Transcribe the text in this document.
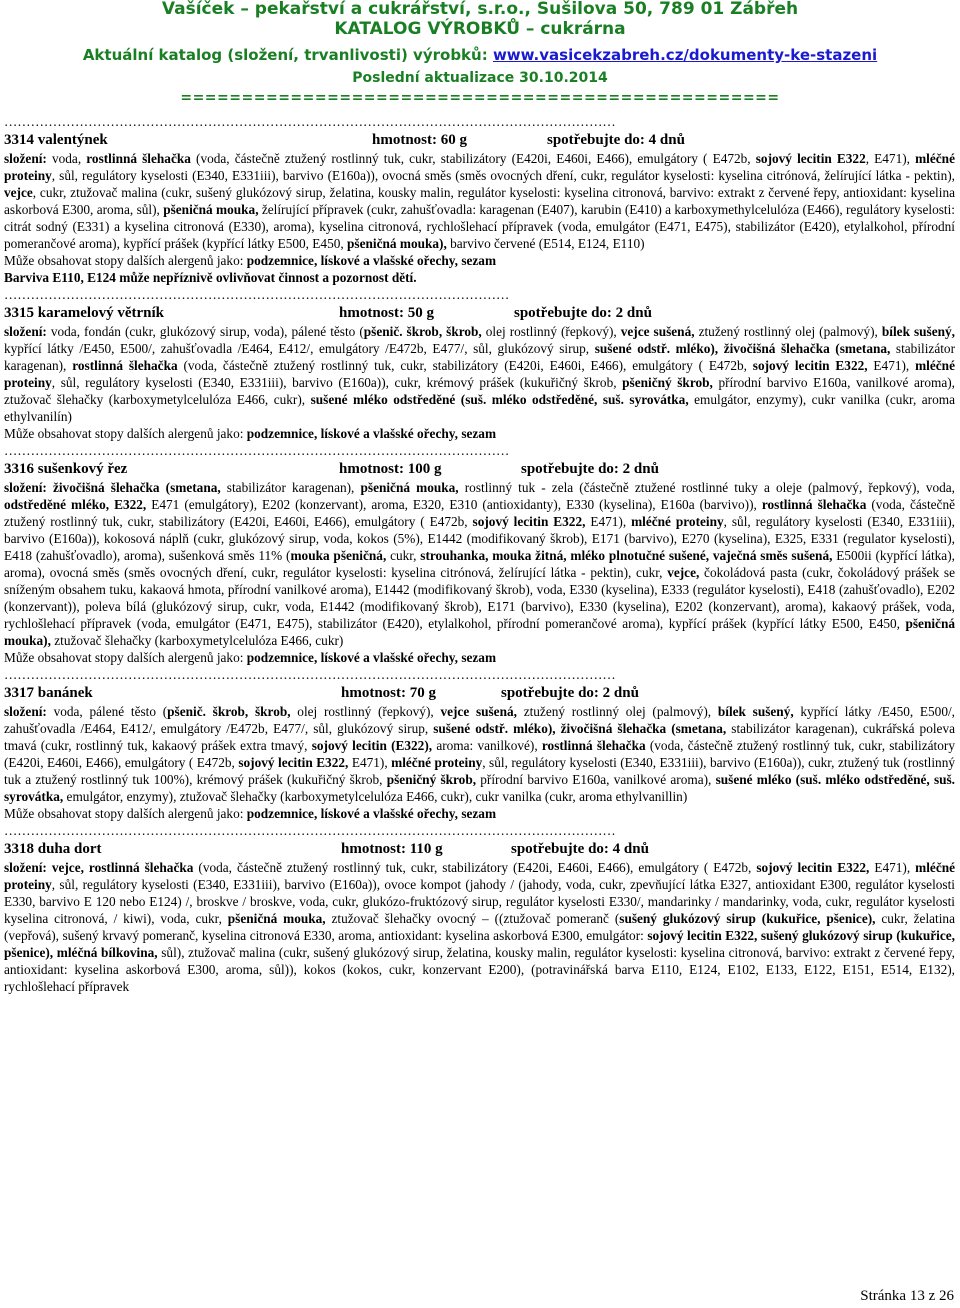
Vašíček – pekařství a cukrářství, s.r.o., Sušilova 50, 789 01 Zábřeh
KATALOG VÝROBKŮ – cukrárna
Aktuální katalog (složení, trvanlivosti) výrobků: www.vasicekzabreh.cz/dokumenty-ke-stazeni
Poslední aktualizace 30.10.2014
=================================================
…………………………………………………………………………………………………………………………
3314 valentýnek	hmotnost: 60 g	spotřebujte do: 4 dnů

složení: voda, rostlinná šlehačka (voda, částečně ztužený rostlinný tuk, cukr, stabilizátory (E420i, E460i, E466), emulgátory ( E472b, sojový lecitin E322, E471), mléčné proteiny, sůl, regulátory kyselosti (E340, E331iii), barvivo (E160a)), ovocná směs (směs ovocných dření, cukr, regulátor kyselosti: kyselina citrónová, želírující látka - pektin), vejce, cukr, ztužovač malina (cukr, sušený glukózový sirup, želatina, kousky malin, regulátor kyselosti: kyselina citronová, barvivo: extrakt z červené řepy, antioxidant: kyselina askorbová E300, aroma, sůl), pšeničná mouka, želírující přípravek (cukr, zahušťovadla: karagenan (E407), karubin (E410) a karboxymethylcelulóza (E466), regulátory kyselosti: citrát sodný (E331) a kyselina citronová (E330), aroma), kyselina citronová, rychlošlehací přípravek (voda, emulgátor (E471, E475), stabilizátor (E420), etylalkohol, přírodní pomerančové aroma), kypřící prášek (kypřící látky E500, E450, pšeničná mouka), barvivo červené (E514, E124, E110)

Může obsahovat stopy dalších alergenů jako: podzemnice, lískové a vlašské ořechy, sezam

Barviva E110, E124 může nepříznivě ovlivňovat činnost a pozornost dětí.

……………………………………………………………………………………………………
3315 karamelový větrník	hmotnost: 50 g	spotřebujte do: 2 dnů

složení: voda, fondán (cukr, glukózový sirup, voda), pálené těsto (pšenič. škrob, škrob, olej rostlinný (řepkový), vejce sušená, ztužený rostlinný olej (palmový), bílek sušený, kypřící látky /E450, E500/, zahušťovadla /E464, E412/, emulgátory /E472b, E477/, sůl, glukózový sirup, sušené odstř. mléko), živočišná šlehačka (smetana, stabilizátor karagenan), rostlinná šlehačka (voda, částečně ztužený rostlinný tuk, cukr, stabilizátory (E420i, E460i, E466), emulgátory ( E472b, sojový lecitin E322, E471), mléčné proteiny, sůl, regulátory kyselosti (E340, E331iii), barvivo (E160a)), cukr, krémový prášek (kukuřičný škrob, pšeničný škrob, přírodní barvivo E160a, vanilkové aroma), ztužovač šlehačky (karboxymetylcelulóza E466, cukr), sušené mléko odstředěné (suš. mléko odstředěné, suš. syrovátka, emulgátor, enzymy), cukr vanilka (cukr, aroma ethylvanilín)

Může obsahovat stopy dalších alergenů jako: podzemnice, lískové a vlašské ořechy, sezam

……………………………………………………………………………………………………
3316 sušenkový řez	hmotnost: 100 g	spotřebujte do: 2 dnů

složení: živočišná šlehačka (smetana, stabilizátor karagenan), pšeničná mouka, rostlinný tuk - zela (částečně ztužené rostlinné tuky a oleje (palmový, řepkový), voda, odstředěné mléko, E322, E471 (emulgátory), E202 (konzervant), aroma, E320, E310 (antioxidanty), E330 (kyselina), E160a (barvivo)), rostlinná šlehačka (voda, částečně ztužený rostlinný tuk, cukr, stabilizátory (E420i, E460i, E466), emulgátory ( E472b, sojový lecitin E322, E471), mléčné proteiny, sůl, regulátory kyselosti (E340, E331iii), barvivo (E160a)), kokosová náplň (cukr, glukózový sirup, voda, kokos (5%), E1442 (modifikovaný škrob), E171 (barvivo), E270 (kyselina), E325, E331 (regulator kyselosti), E418 (zahušťovadlo), aroma), sušenková směs 11% (mouka pšeničná, cukr, strouhanka, mouka žitná, mléko plnotučné sušené, vaječná směs sušená, E500ii (kypřící látka), aroma), ovocná směs (směs ovocných dření, cukr, regulátor kyselosti: kyselina citrónová, želírující látka - pektin), cukr, vejce, čokoládová pasta (cukr, čokoládový prášek se sníženým obsahem tuku, kakaová hmota, přírodní vanilkové aroma), E1442 (modifikovaný škrob), voda, E330 (kyselina), E333 (regulátor kyselosti), E418 (zahušťovadlo), E202 (konzervant)), poleva bílá (glukózový sirup, cukr, voda, E1442 (modifikovaný škrob), E171 (barvivo), E330 (kyselina), E202 (konzervant), aroma), kakaový prášek, voda, rychlošlehací přípravek (voda, emulgátor (E471, E475), stabilizátor (E420), etylalkohol, přírodní pomerančové aroma), kypřící prášek (kypřící látky E500, E450, pšeničná mouka), ztužovač šlehačky (karboxymetylcelulóza E466, cukr)

Může obsahovat stopy dalších alergenů jako: podzemnice, lískové a vlašské ořechy, sezam

…………………………………………………………………………………………………………………………
3317 banánek	hmotnost: 70 g	spotřebujte do: 2 dnů

složení: voda, pálené těsto (pšenič. škrob, škrob, olej rostlinný (řepkový), vejce sušená, ztužený rostlinný olej (palmový), bílek sušený, kypřící látky /E450, E500/, zahušťovadla /E464, E412/, emulgátory /E472b, E477/, sůl, glukózový sirup, sušené odstř. mléko), živočišná šlehačka (smetana, stabilizátor karagenan), cukrářská poleva tmavá (cukr, rostlinný tuk, kakaový prášek extra tmavý, sojový lecitin (E322), aroma: vanilkové), rostlinná šlehačka (voda, částečně ztužený rostlinný tuk, cukr, stabilizátory (E420i, E460i, E466), emulgátory ( E472b, sojový lecitin E322, E471), mléčné proteiny, sůl, regulátory kyselosti (E340, E331iii), barvivo (E160a)), cukr, ztužený tuk (rostlinný tuk a ztužený rostlinný tuk 100%), krémový prášek (kukuřičný škrob, pšeničný škrob, přírodní barvivo E160a, vanilkové aroma), sušené mléko (suš. mléko odstředěné, suš. syrovátka, emulgátor, enzymy), ztužovač šlehačky (karboxymetylcelulóza E466, cukr), cukr vanilka (cukr, aroma ethylvanillin)

Může obsahovat stopy dalších alergenů jako: podzemnice, lískové a vlašské ořechy, sezam

…………………………………………………………………………………………………………………………
3318 duha dort	hmotnost: 110 g	spotřebujte do: 4 dnů

složení: vejce, rostlinná šlehačka (voda, částečně ztužený rostlinný tuk, cukr, stabilizátory (E420i, E460i, E466), emulgátory ( E472b, sojový lecitin E322, E471), mléčné proteiny, sůl, regulátory kyselosti (E340, E331iii), barvivo (E160a)), ovoce kompot (jahody / (jahody, voda, cukr, zpevňující látka E327, antioxidant E300, regulátor kyselosti E330, barvivo E 120 nebo E124) /, broskve / broskve, voda, cukr, glukózo-fruktózový sirup, regulátor kyselosti E330/, mandarinky / mandarinky, voda, cukr, regulátor kyselosti kyselina citronová, / kiwi), voda, cukr, pšeničná mouka, ztužovač šlehačky ovocný – ((ztužovač pomeranč (sušený glukózový sirup (kukuřice, pšenice), cukr, želatina (vepřová), sušený krvavý pomeranč, kyselina citronová E330, aroma, antioxidant: kyselina askorbová E300, emulgátor: sojový lecitin E322, sušený glukózový sirup (kukuřice, pšenice), mléčná bílkovina, sůl), ztužovač malina (cukr, sušený glukózový sirup, želatina, kousky malin, regulátor kyselosti: kyselina citronová, barvivo: extrakt z červené řepy, antioxidant: kyselina askorbová E300, aroma, sůl)), kokos (kokos, cukr, konzervant E200), (potravinářská barva E110, E124, E102, E133, E122, E151, E514, E132), rychlošlehací přípravek

Stránka 13 z 26
